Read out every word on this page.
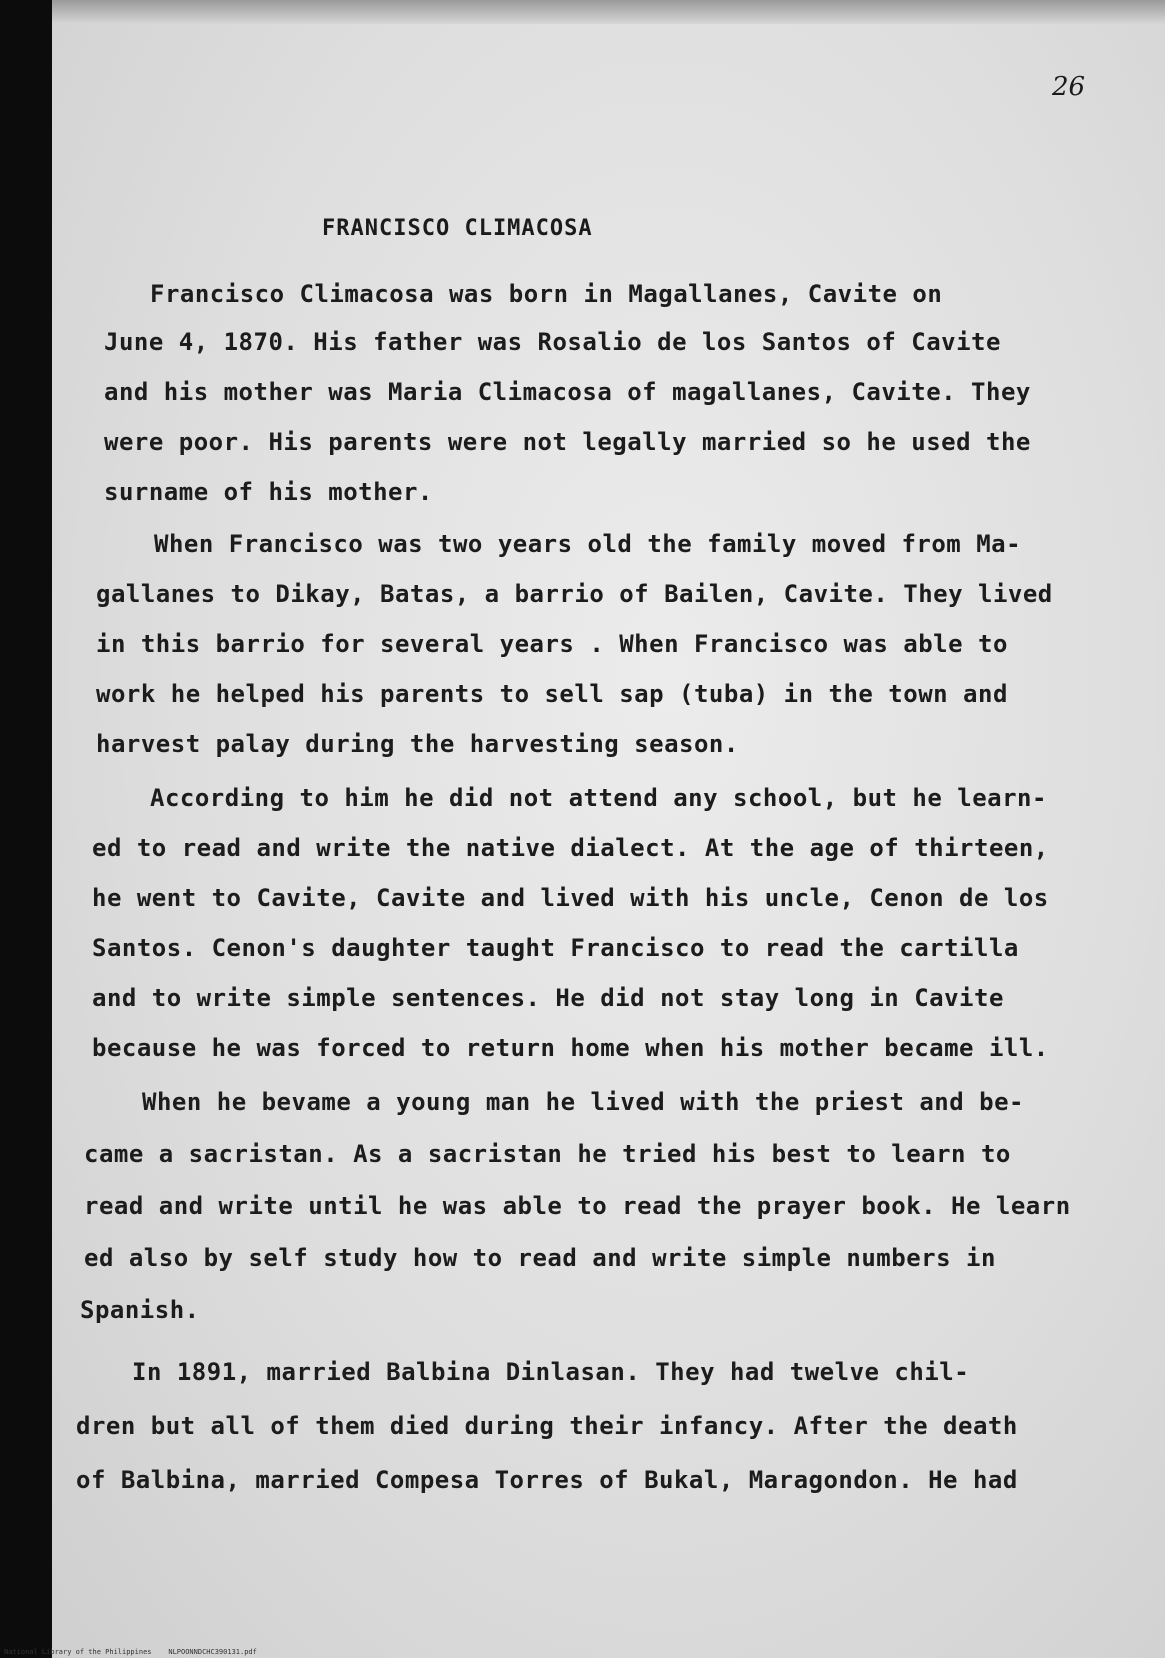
26
FRANCISCO CLIMACOSA
Francisco Climacosa was born in Magallanes, Cavite on
June 4, 1870. His father was Rosalio de los Santos of Cavite
and his mother was Maria Climacosa of magallanes, Cavite. They
were poor. His parents were not legally married so he used the
surname of his mother.
When Francisco was two years old the family moved from Ma-
gallanes to Dikay, Batas, a barrio of Bailen, Cavite. They lived
in this barrio for several years . When Francisco was able to
work he helped his parents to sell sap (tuba) in the town and
harvest palay during the harvesting season.
According to him he did not attend any school, but he learn-
ed to read and write the native dialect. At the age of thirteen,
he went to Cavite, Cavite and lived with his uncle, Cenon de los
Santos. Cenon's daughter taught Francisco to read the cartilla
and to write simple sentences. He did not stay long in Cavite
because he was forced to return home when his mother became ill.
When he bevame a young man he lived with the priest and be-
came a sacristan. As a sacristan he tried his best to learn to
read and write until he was able to read the prayer book. He learn
ed also by self study how to read and write simple numbers in
Spanish.
In 1891, married Balbina Dinlasan. They had twelve chil-
dren but all of them died during their infancy. After the death
of Balbina, married Compesa Torres of Bukal, Maragondon. He had
National Library of the Philippines    NLPOONNDCHC390131.pdf
